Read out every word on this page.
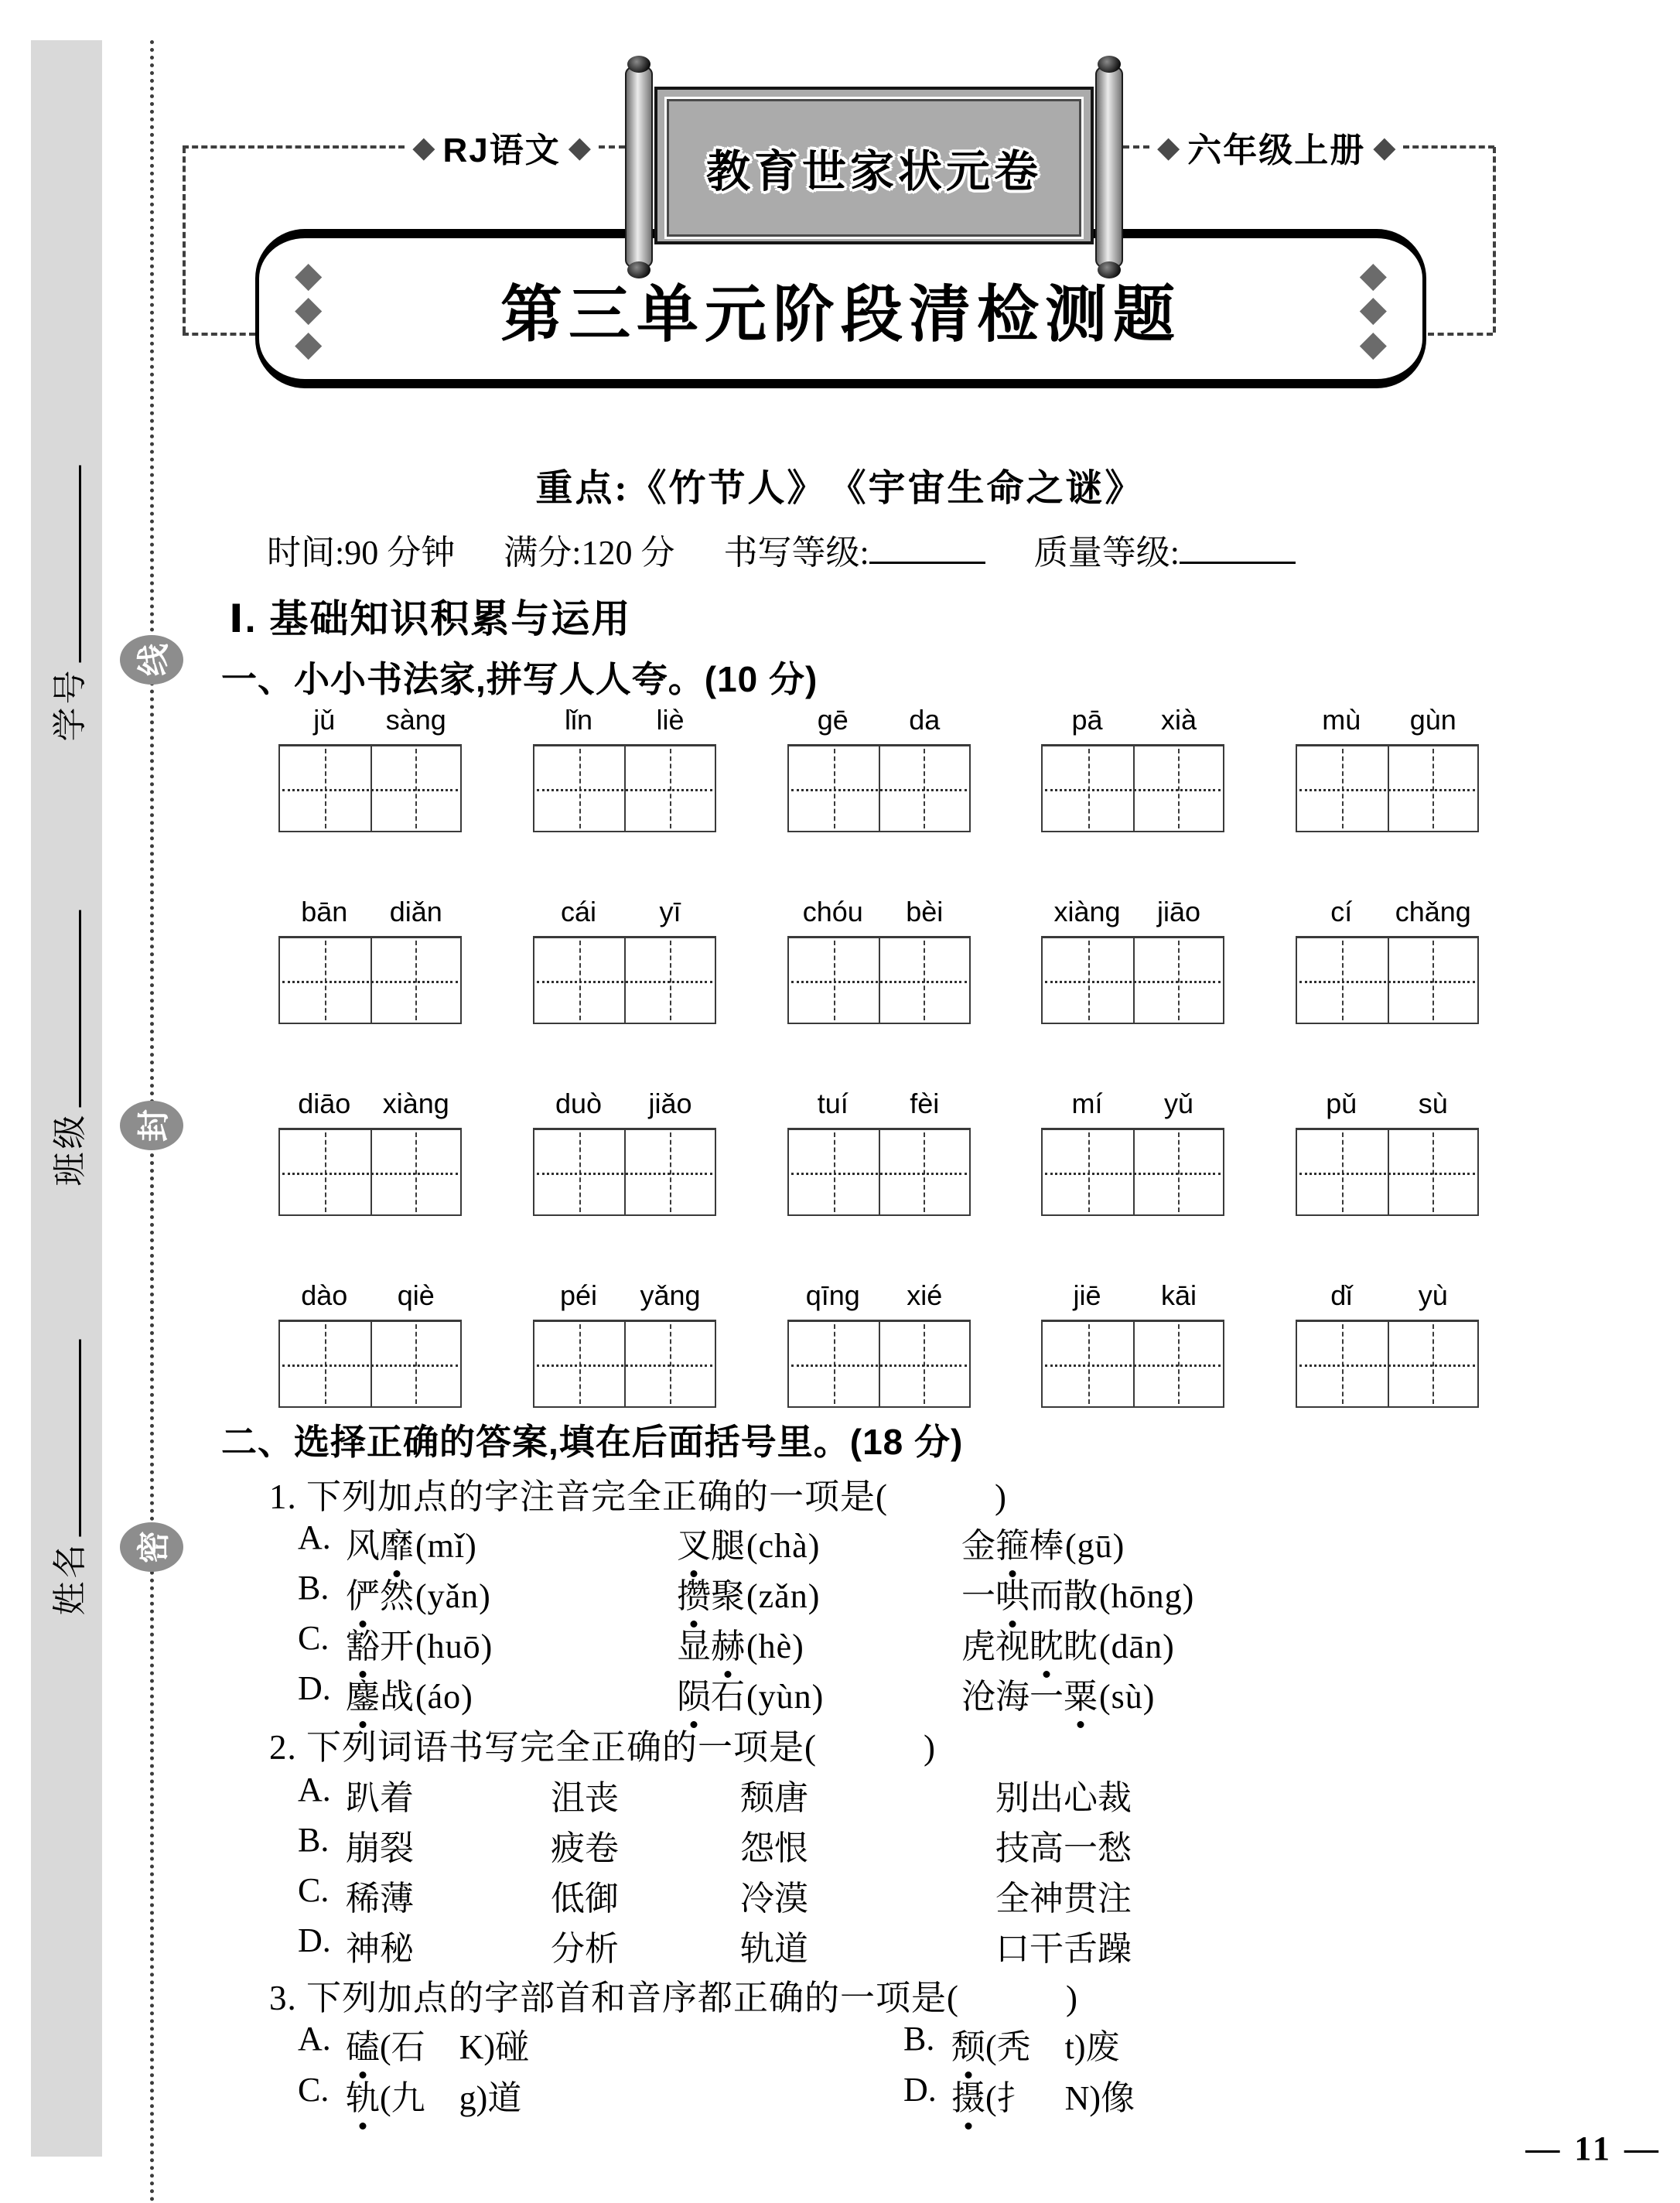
学号
班级
姓名
线
封
密
◆ RJ语文 ◆	◆ 六年级上册 ◆
教育世家状元卷
◆
◆
◆	第三单元阶段清检测题
◆
◆
◆
重点:《竹节人》　《宇宙生命之谜》
时间:90 分钟 满分:120 分 书写等级:	质量等级:
Ⅰ. 基础知识积累与运用
一、小小书法家,拼写人人夸。(10 分)
jǔ	sàng	lǐn	liè	gē	da	pā	xià	mù	gùn
bān	diǎn	cái	yī	chóu	bèi	xiàng	jiāo	cí	chǎng
diāo	xiàng	duò	jiǎo	tuí	fèi	mí	yǔ	pǔ	sù
dào	qiè	péi	yǎng	qīng	xié	jiē	kāi	dǐ	yù
二、选择正确的答案,填在后面括号里。(18 分)
1. 下列加点的字注音完全正确的一项是(　　　)
A. 风靡(mǐ)	叉腿(chà)	金箍棒(gū)
B. 俨然(yǎn)	攒聚(zǎn)	一哄而散(hōng)
C. 豁开(huō)	显赫(hè)	虎视眈眈(dān)
D. 鏖战(áo)	陨石(yùn)	沧海一粟(sù)
2. 下列词语书写完全正确的一项是(　　　)
A. 趴着	沮丧	颓唐	别出心裁
B. 崩裂	疲卷	怨恨	技高一愁
C. 稀薄	低御	冷漠	全神贯注
D. 神秘	分析	轨道	口干舌躁
3. 下列加点的字部首和音序都正确的一项是(　　　)
A. 磕 (石　K) 碰	B. 颓 (秃　t) 废
C. 轨 (九　g) 道	D. 摄 (扌　N) 像
— 11 —
